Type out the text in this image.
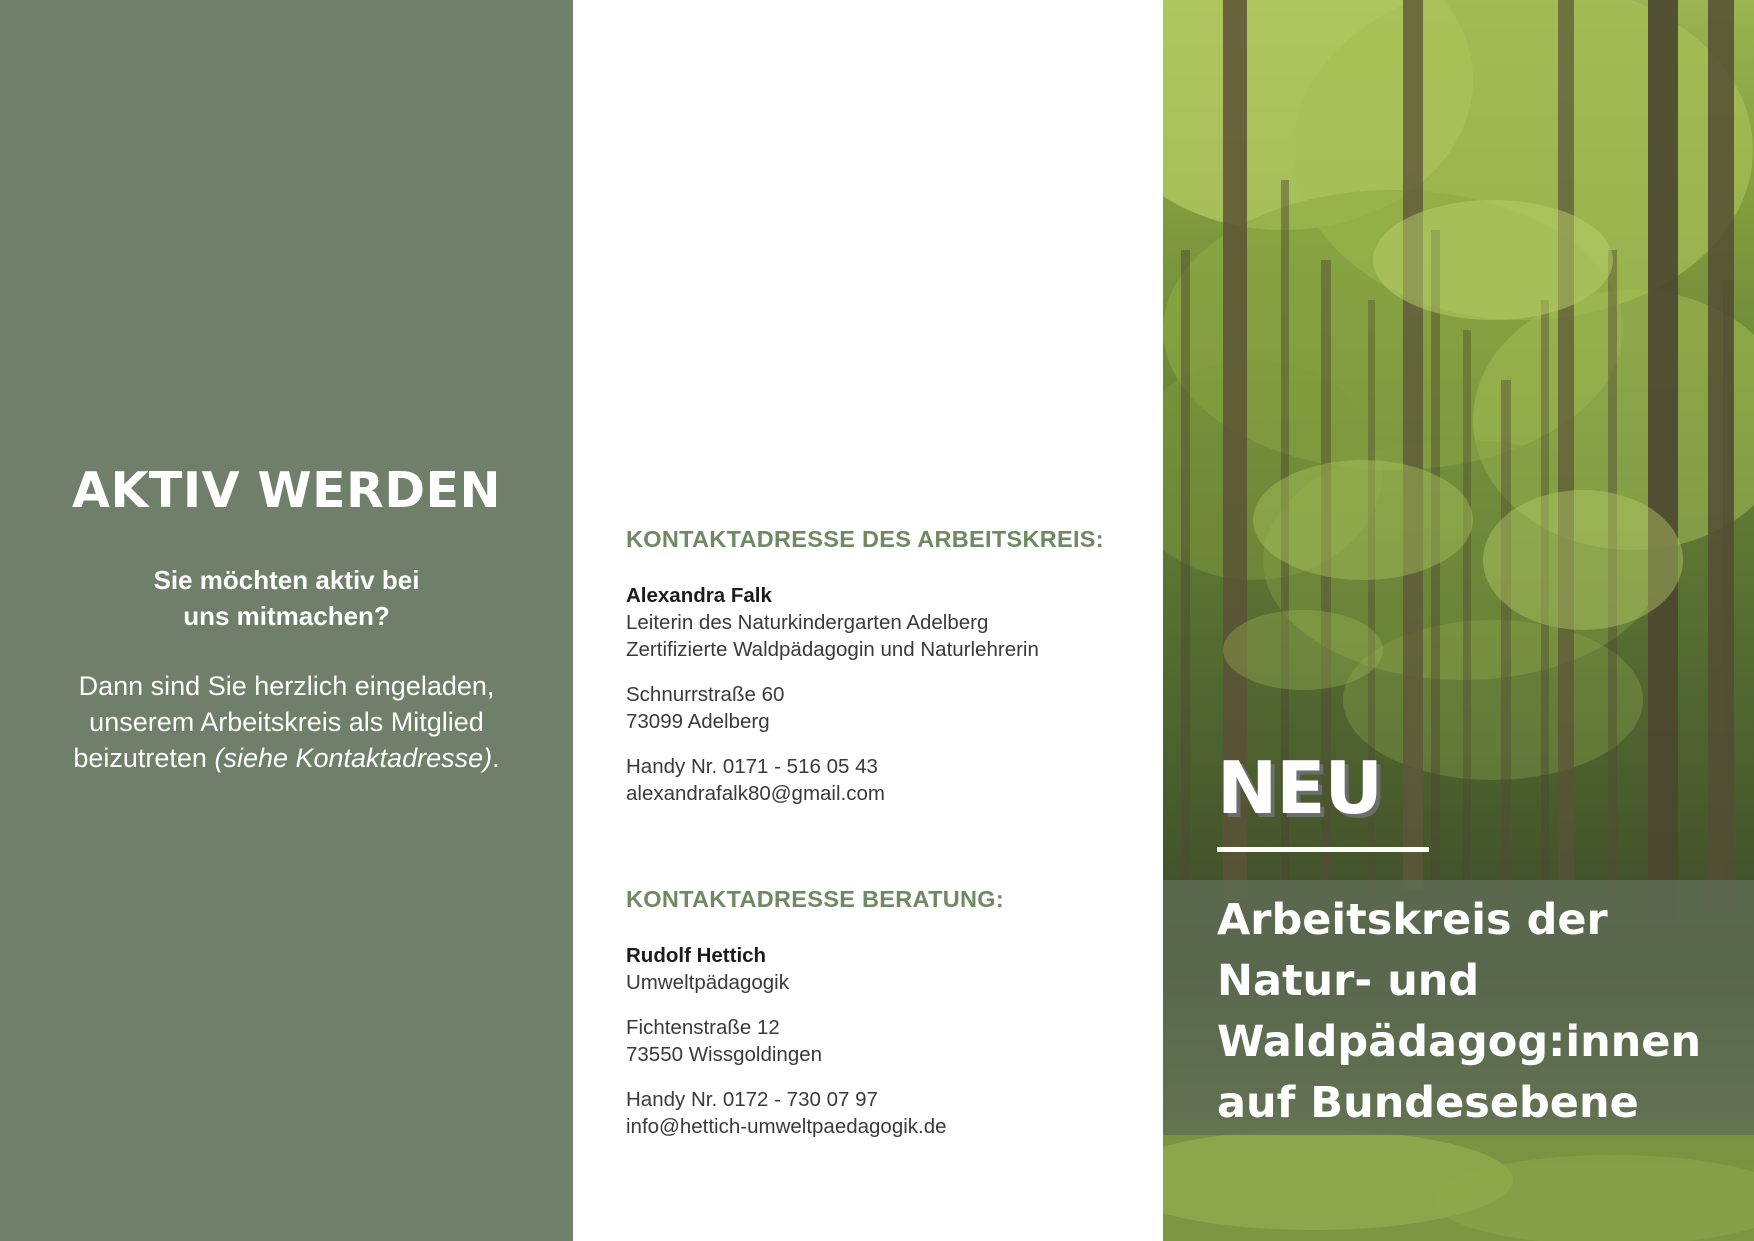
AKTIV WERDEN
Sie möchten aktiv bei
uns mitmachen?
Dann sind Sie herzlich eingeladen,
unserem Arbeitskreis als Mitglied
beizutreten (siehe Kontaktadresse).
KONTAKTADRESSE DES ARBEITSKREIS:
Alexandra Falk
Leiterin des Naturkindergarten Adelberg
Zertifizierte Waldpädagogin und Naturlehrerin
Schnurrstraße 60
73099 Adelberg
Handy Nr. 0171 - 516 05 43
alexandrafalk80@gmail.com
KONTAKTADRESSE BERATUNG:
Rudolf Hettich
Umweltpädagogik
Fichtenstraße 12
73550 Wissgoldingen
Handy Nr. 0172 - 730 07 97
info@hettich-umweltpaedagogik.de
NEU
Arbeitskreis der
Natur- und
Waldpädagog:innen
auf Bundesebene
